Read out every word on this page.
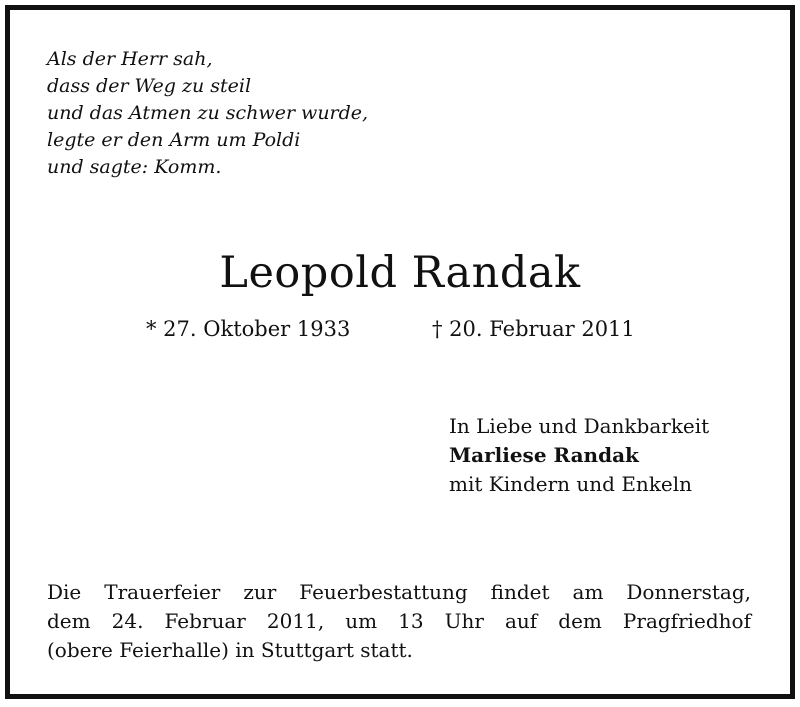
Als der Herr sah,
dass der Weg zu steil
und das Atmen zu schwer wurde,
legte er den Arm um Poldi
und sagte: Komm.

Leopold Randak
* 27. Oktober 1933	† 20. Februar 2011
In Liebe und Dankbarkeit
Marliese Randak
mit Kindern und Enkeln

Die Trauerfeier zur Feuerbestattung findet am Donnerstag,
dem 24. Februar 2011, um 13 Uhr auf dem Pragfriedhof
(obere Feierhalle) in Stuttgart statt.
